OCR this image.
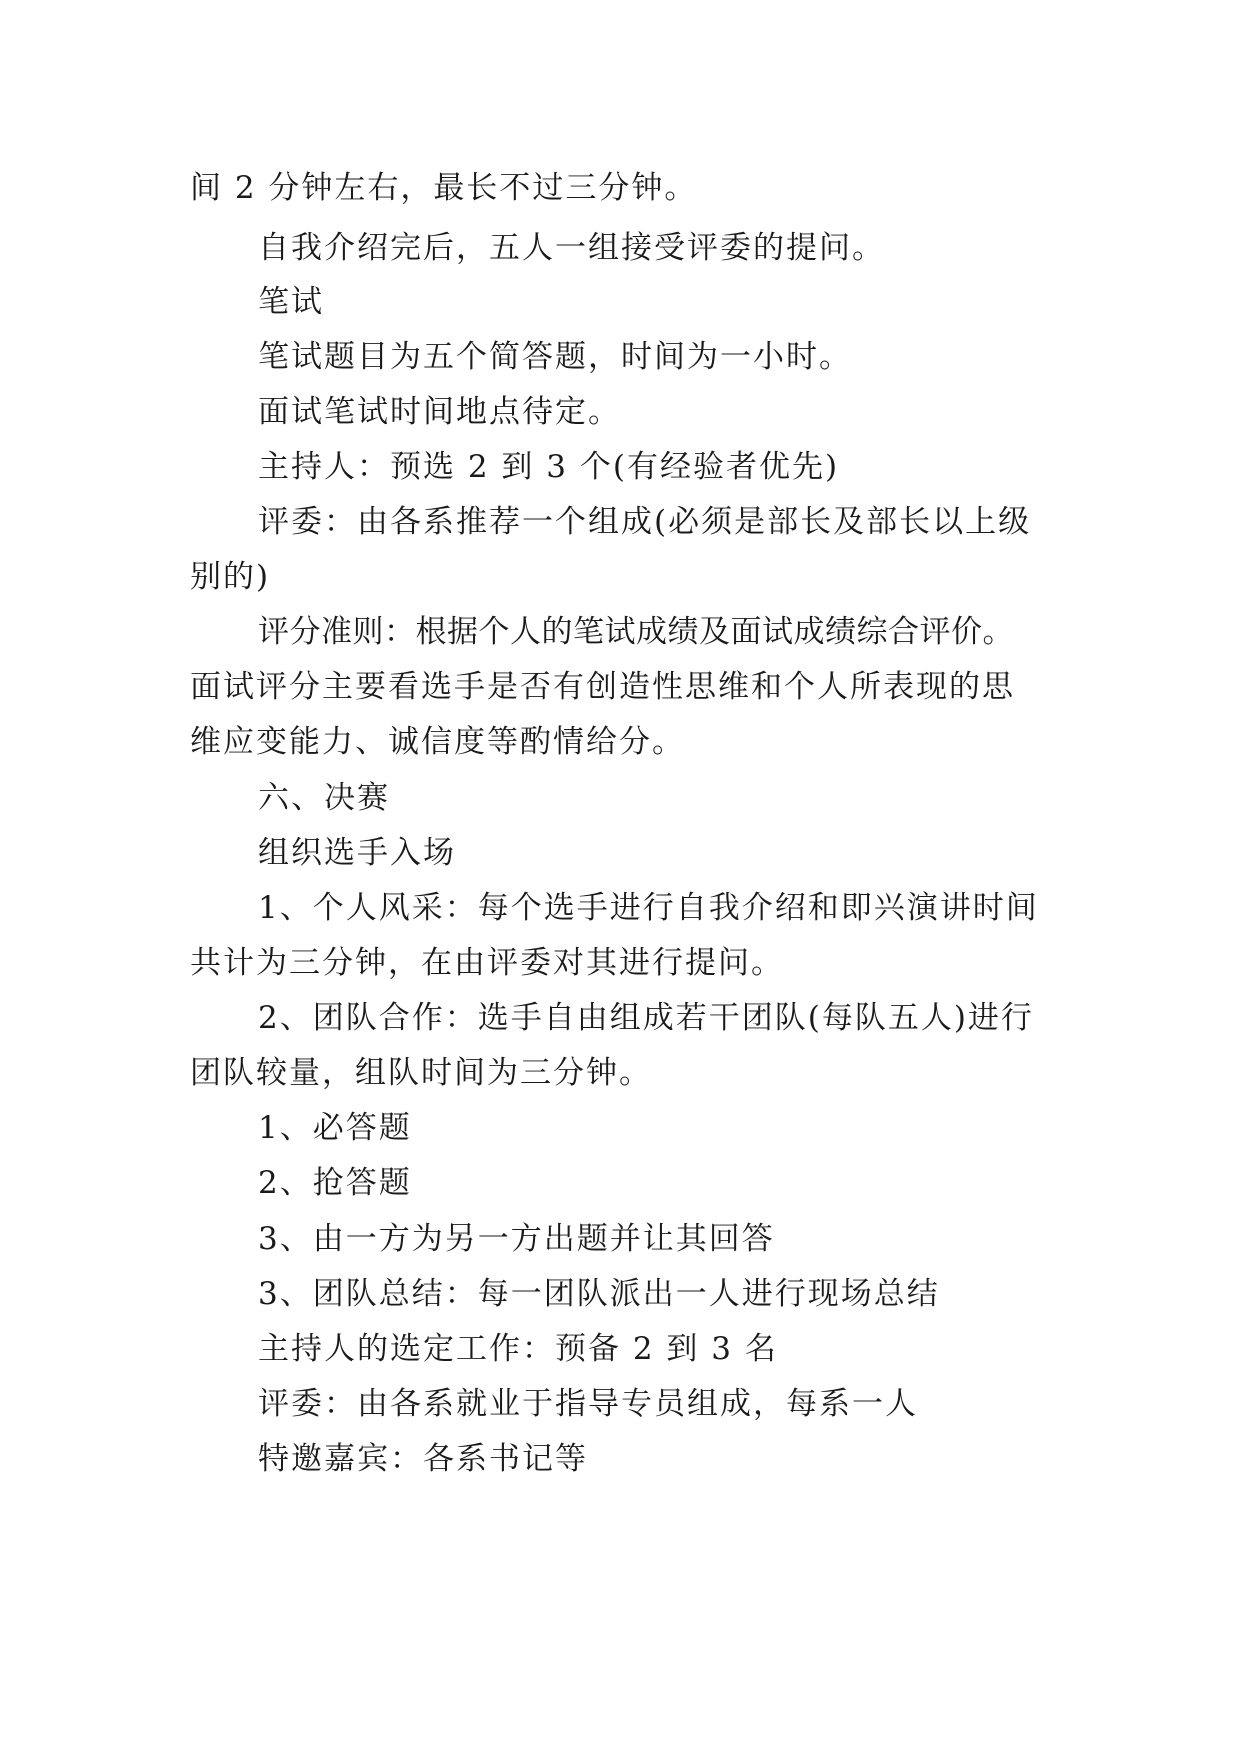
间 2 分钟左右，最长不过三分钟。
自我介绍完后，五人一组接受评委的提问。
笔试
笔试题目为五个简答题，时间为一小时。
面试笔试时间地点待定。
主持人：预选 2 到 3 个(有经验者优先)
评委：由各系推荐一个组成(必须是部长及部长以上级
别的)
评分准则：根据个人的笔试成绩及面试成绩综合评价。
面试评分主要看选手是否有创造性思维和个人所表现的思
维应变能力、诚信度等酌情给分。
六、决赛
组织选手入场
1、个人风采：每个选手进行自我介绍和即兴演讲时间
共计为三分钟，在由评委对其进行提问。
2、团队合作：选手自由组成若干团队(每队五人)进行
团队较量，组队时间为三分钟。
1、必答题
2、抢答题
3、由一方为另一方出题并让其回答
3、团队总结：每一团队派出一人进行现场总结
主持人的选定工作：预备 2 到 3 名
评委：由各系就业于指导专员组成，每系一人
特邀嘉宾：各系书记等
